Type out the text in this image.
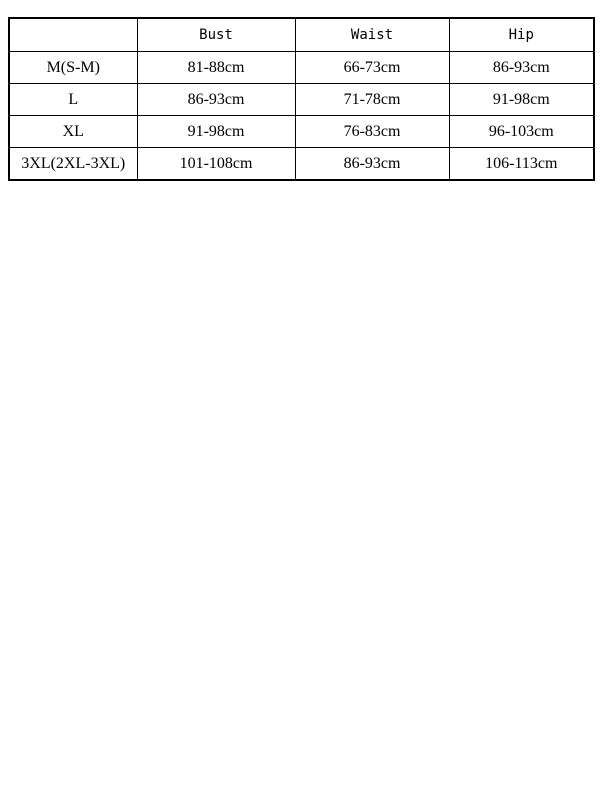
	Bust	Waist	Hip
M(S-M)	81-88cm	66-73cm	86-93cm
L	86-93cm	71-78cm	91-98cm
XL	91-98cm	76-83cm	96-103cm
3XL(2XL-3XL)	101-108cm	86-93cm	106-113cm
